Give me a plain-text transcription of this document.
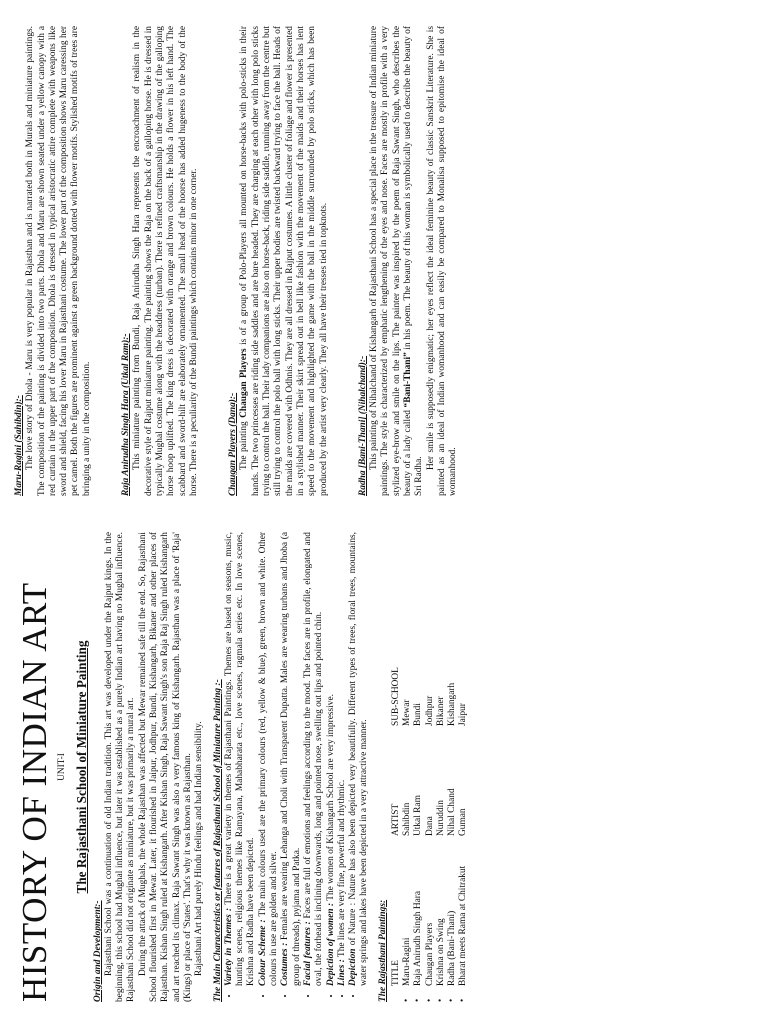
HISTORY OF INDIAN ART UNIT-I The Rajasthani School of Miniature Painting

Origin and Development:- Rajasthani School was a continuation of old Indian tradition. This art was developed under the Rajput kings. In the beginning, this school had Mughal influence, but later it was established as a purely Indian art having no Mughal influence. Rajasthani School did not originate as miniature, but it was primarily a mural art. During the attack of Mughals, the whole Rajasthan was affected but Mewar remained safe till the end. So, Rajasthani School flourished first in Mewar. Later, it flourished in Jaipur, Jodhpur, Bundi, Kishangarh, Bikaner and other places of Rajasthan. Kishan Singh ruled at Kishangarh. After Kishan Singh, Raja Sawant Singh's son Raja Raj Singh ruled Kishangarh and art reached its climax. Raja Sawant Singh was also a very famous king of Kishangarh. Rajasthan was a place of 'Raja' (Kings) or place of 'States'. That's why it was known as Rajasthan. Rajasthani Art had purely Hindu feelings and had Indian sensibility. The Main Characteristics or features of Rajasthani School of Miniature Painting :- • Variety in Themes : There is a great variety in themes of Rajasthani Paintings. Themes are based on seasons, music, hunting scenes, religious themes like Ramayana, Mahabharata etc., love scenes, ragmala series etc. In love scenes, Krishna and Radha have been depicted. • Colour Scheme : The main colours used are the primary colours (red, yellow & blue), green, brown and white. Other colours in use are golden and silver. • Costumes : Females are wearing Lehanga and Choli with Transparent Dupatta. Males are wearing turbans and Jhoba (a group of threads), pyjama and Patka. • Facial features : Faces are full of emotions and feelings according to the mood. The faces are in profile, elongated and oval, the forhead is inclining downwards, long and pointed nose, swelling out lips and pointed chin. • Depiction of women : The women of Kishangarh School are very impressive.
• Lines : The lines are very fine, powerful and rhythmic.
• Depiction of Nature : Nature has also been depicted very beautifully. Different types of trees, floral trees, mountains, water springs and lakes have been depicted in a very attractive manner. The Rajasthani Paintings:

	TITLE	ARTIST	SUB-SCHOOL
•	Maru-Ragini	Sahibdin	Mewar
•	Raja Anirudh Singh Hara	Utkal Ram	Bundi
•	Chaugan Players	Dana	Jodhpur
•	Krishna on Swing	Nuruddin	Bikaner
•	Radha (Bani-Thani)	Nihal Chand	Kishangarh
•	Bharat meets Rama at Chitrakut	Guman	Jaipur

Maru-Ragini (Sahibdin):- The love story of Dhola - Maru is very popular in Rajasthan and is narrated both in Murals and miniature paintings. The composition of the painting is divided into two parts. Dhola and Maru are shown seated under a yellow canopy with a red curtain in the upper part of the composition. Dhola is dressed in typical aristocratic attire complete with weapons like sword and shield, facing his lover Maru in Rajasthani costume. The lower part of the composition shows Maru caressing her pet camel. Both the figures are prominent against a green background dotted with flower motifs. Stylished motifs of trees are bringing a unity in the composition.	Raja Anirudha Singh Hara (Utkal Ram):- This miniature painting from Bundi, Raja Anirudha Singh Hara represents the encroachment of realism in the decorative style of Rajput miniature painting. The painting shows the Raja on the back of a galloping horse. He is dressed in typically Mughal costume along with the headdress (turban). There is refined craftsmanship in the drawing of the galloping horse hoop uplifted. The king dress is decorated with orange and brown colours. He holds a flower in his left hand. The scabbard and sword-hilt are elaborately ornamented. The small head of the hoorse has added hugeness to the body of the horse. There is a peculiarity of the Bundi paintings which contains minor in one corner.	Chaugan Players (Dana):- The painting Chaugan Players is of a group of Polo-Players all mounted on horse-backs with polo-sticks in their hands. The two princesses are riding side saddles and are bare headed. They are charging at each other with long polo sticks trying to control the ball. Their lady companions are also on horse-back, riding side saddle, running away from the centre but still trying to control the polo ball with long sticks. Their upper bodies are twisted backward trying to face the ball. Heads of the maids are covered with Odhnis. They are all dressed in Rajput costumes. A little cluster of foliage and flower is presented in a stylished manner. Their skirt spread out in bell like fashion with the movement of the maids and their horses has lent speed to the movement and highlighted the game with the ball in the middle surrounded by polo sticks, which has been produced by the artist very clearly. They all have their tresses tied in topknots.	Radha [Bani-Thani] (Nihalchand):- This painting of Nihalchand of Kishangarh of Rajasthani School has a special place in the treasure of Indian miniature paintings. The style is characterized by emphatic lengthening of the eyes and nose. Faces are mostly in profile with a very stylized eye-brow and smile on the lips. The painter was inspired by the poem of Raja Sawant Singh, who describes the beauty of a lady called “Bani-Thani” in his poem. The beauty of this woman is symbolically used to describe the beauty of Sri Radha.

Her smile is supposedly enigmatic; her eyes reflect the ideal feminine beauty of classic Sanskrit Literature. She is painted as an ideal of Indian womanhood and can easily be compared to Monalisa supposed to epitomise the ideal of womanhood.
